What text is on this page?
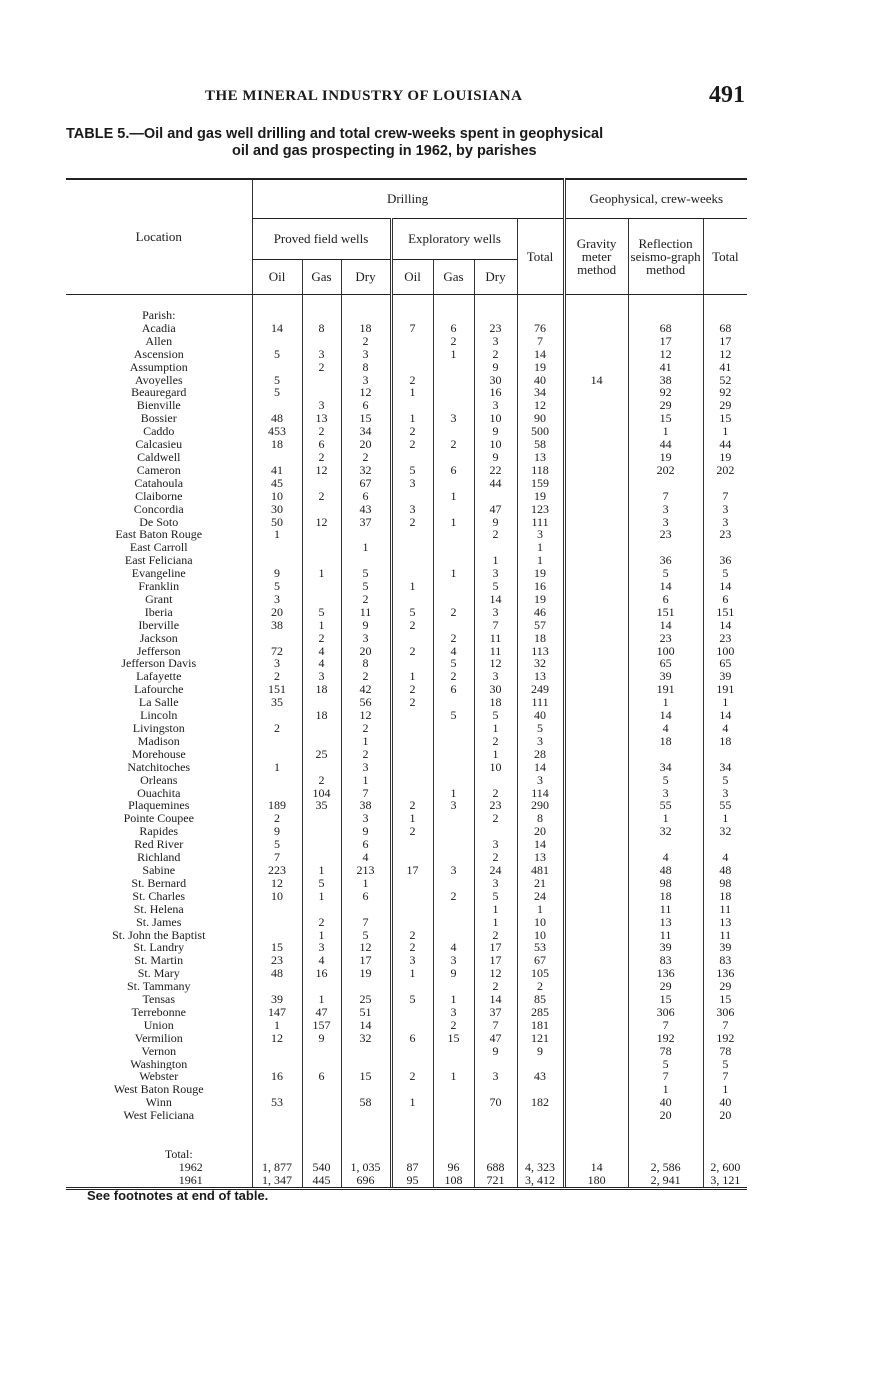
THE MINERAL INDUSTRY OF LOUISIANA	491
TABLE 5.—Oil and gas well drilling and total crew-weeks spent in geophysical
oil and gas prospecting in 1962, by parishes
Location	Drilling							Geophysical, crew-weeks		
	Proved field wells			Exploratory wells			Total	Gravity meter method	Reflection seismo-graph method	Total
	Oil	Gas	Dry	Oil	Gas	Dry				
Parish:										
Acadia	14	8	18	7	6	23	76		68	68
Allen			2		2	3	7		17	17
Ascension	5	3	3		1	2	14		12	12
Assumption		2	8			9	19		41	41
Avoyelles	5		3	2		30	40	14	38	52
Beauregard	5		12	1		16	34		92	92
Bienville		3	6			3	12		29	29
Bossier	48	13	15	1	3	10	90		15	15
Caddo	453	2	34	2		9	500		1	1
Calcasieu	18	6	20	2	2	10	58		44	44
Caldwell		2	2			9	13		19	19
Cameron	41	12	32	5	6	22	118		202	202
Catahoula	45		67	3		44	159			
Claiborne	10	2	6		1		19		7	7
Concordia	30		43	3		47	123		3	3
De Soto	50	12	37	2	1	9	111		3	3
East Baton Rouge	1					2	3		23	23
East Carroll			1				1			
East Feliciana						1	1		36	36
Evangeline	9	1	5		1	3	19		5	5
Franklin	5		5	1		5	16		14	14
Grant	3		2			14	19		6	6
Iberia	20	5	11	5	2	3	46		151	151
Iberville	38	1	9	2		7	57		14	14
Jackson		2	3		2	11	18		23	23
Jefferson	72	4	20	2	4	11	113		100	100
Jefferson Davis	3	4	8		5	12	32		65	65
Lafayette	2	3	2	1	2	3	13		39	39
Lafourche	151	18	42	2	6	30	249		191	191
La Salle	35		56	2		18	111		1	1
Lincoln		18	12		5	5	40		14	14
Livingston	2		2			1	5		4	4
Madison			1			2	3		18	18
Morehouse		25	2			1	28			
Natchitoches	1		3			10	14		34	34
Orleans		2	1				3		5	5
Ouachita		104	7		1	2	114		3	3
Plaquemines	189	35	38	2	3	23	290		55	55
Pointe Coupee	2		3	1		2	8		1	1
Rapides	9		9	2			20		32	32
Red River	5		6			3	14			
Richland	7		4			2	13		4	4
Sabine	223	1	213	17	3	24	481		48	48
St. Bernard	12	5	1			3	21		98	98
St. Charles	10	1	6		2	5	24		18	18
St. Helena						1	1		11	11
St. James		2	7			1	10		13	13
St. John the Baptist		1	5	2		2	10		11	11
St. Landry	15	3	12	2	4	17	53		39	39
St. Martin	23	4	17	3	3	17	67		83	83
St. Mary	48	16	19	1	9	12	105		136	136
St. Tammany						2	2		29	29
Tensas	39	1	25	5	1	14	85		15	15
Terrebonne	147	47	51		3	37	285		306	306
Union	1	157	14		2	7	181		7	7
Vermilion	12	9	32	6	15	47	121		192	192
Vernon						9	9		78	78
Washington									5	5
Webster	16	6	15	2	1	3	43		7	7
West Baton Rouge									1	1
Winn	53		58	1		70	182		40	40
West Feliciana									20	20
Total:										
1962	1, 877	540	1, 035	87	96	688	4, 323	14	2, 586	2, 600
1961	1, 347	445	696	95	108	721	3, 412	180	2, 941	3, 121
See footnotes at end of table.
